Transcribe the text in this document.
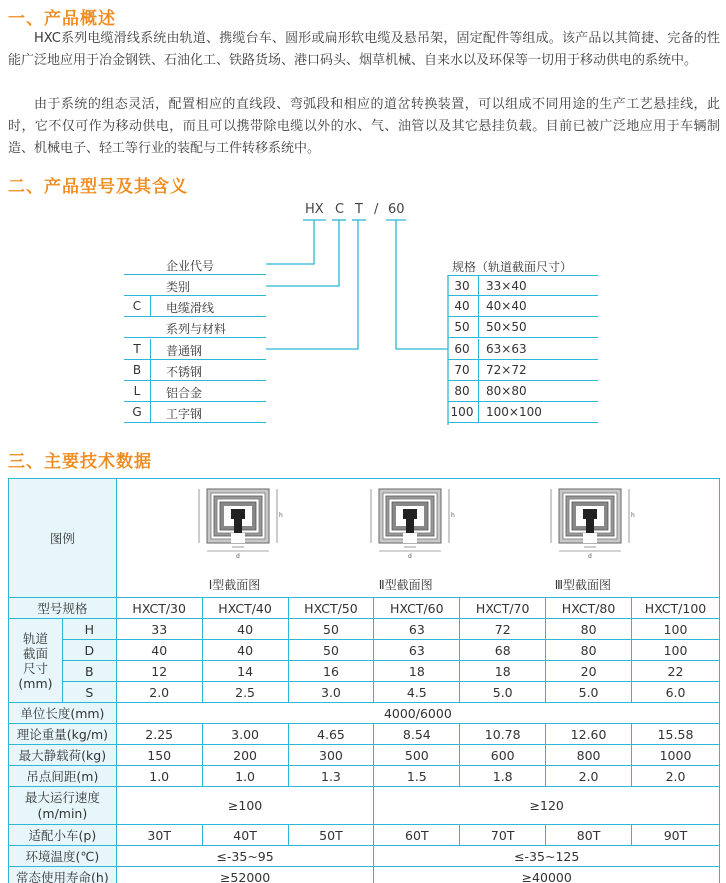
一、产品概述
HXC系列电缆滑线系统由轨道、携缆台车、圆形或扁形软电缆及悬吊架，固定配件等组成。该产品以其简捷、完备的性能广泛地应用于冶金钢铁、石油化工、铁路货场、港口码头、烟草机械、自来水以及环保等一切用于移动供电的系统中。
由于系统的组态灵活，配置相应的直线段、弯弧段和相应的道岔转换装置，可以组成不同用途的生产工艺悬挂线，此时，它不仅可作为移动供电，而且可以携带除电缆以外的水、气、油管以及其它悬挂负载。目前已被广泛地应用于车辆制造、机械电子、轻工等行业的装配与工件转移系统中。
二、产品型号及其含义
HX C T / 60
企业代号
类别
C	电缆滑线
系列与材料
T	普通钢
B	不锈钢
L	铝合金
G	工字钢
规格（轨道截面尺寸）
30	33×40
40	40×40
50	50×50
60	63×63
70	72×72
80	80×80
100 100×100
三、主要技术数据
图例		h
d
Ⅰ型截面图 Ⅱ型截面图 Ⅲ型截面图						

型号规格		HXCT/30	HXCT/40	HXCT/50	HXCT/60	HXCT/70	HXCT/80	HXCT/100
轨道
截面
尺寸
(mm)	H	33	40	50	63	72	80	100
	D	40	40	50	63	68	80	100
	B	12	14	16	18	18	20	22
	S	2.0	2.5	3.0	4.5	5.0	5.0	6.0
单位长度(mm)		4000/6000						
理论重量(kg/m)		2.25	3.00	4.65	8.54	10.78	12.60	15.58
最大静载荷(kg)		150	200	300	500	600	800	1000
吊点间距(m)		1.0	1.0	1.3	1.5	1.8	2.0	2.0
最大运行速度
(m/min)		≥100			≥120			
适配小车(p)		30T	40T	50T	60T	70T	80T	90T
环境温度(℃)		≤-35~95			≤-35~125			
常态使用寿命(h)		≥52000			≥40000			
